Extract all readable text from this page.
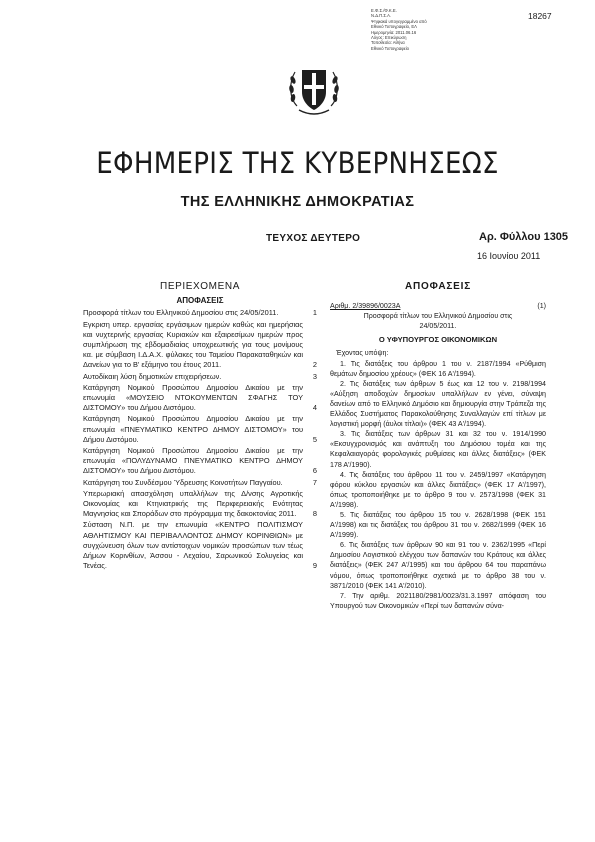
Ε.Φ.Σ./Φ.Κ.Ε.
Ν.Δ.Π.Σ.Α.
Ψηφιακά υπογεγραμμένο από
Εθνικό Τυπογραφείο, ΕΛ
Ημερομηνία: 2011.06.16
Λόγος: Επικύρωση
Τοποθεσία: Αθήνα
Εθνικό Τυπογραφείο
18267
ΕΦΗΜΕΡΙΣ ΤΗΣ ΚΥΒΕΡΝΗΣΕΩΣ
ΤΗΣ ΕΛΛΗΝΙΚΗΣ ΔΗΜΟΚΡΑΤΙΑΣ
ΤΕΥΧΟΣ ΔΕΥΤΕΡΟ	Αρ. Φύλλου 1305
16 Ιουνίου 2011
ΠΕΡΙΕΧΟΜΕΝΑ
ΑΠΟΦΑΣΕΙΣ
Προσφορά τίτλων του Ελληνικού Δημοσίου στις 24/05/2011.	1
Εγκριση υπερ. εργασίας εργάσιμων ημερών καθώς και ημερήσιας και νυχτερινής εργασίας Κυριακών και εξαιρεσίμων ημερών προς συμπλήρωση της εβδομαδιαίας υποχρεωτικής για τους μονίμους κα. με σύμβαση Ι.Δ.Α.Χ. φύλακες του Ταμείου Παρακαταθηκών και Δανείων για το Β' εξάμηνο του έτους 2011.	2
Αυτοδίκαιη λύση δημοτικών επιχειρήσεων.	3
Κατάργηση Νομικού Προσώπου Δημοσίου Δικαίου με την επωνυμία «ΜΟΥΣΕΙΟ ΝΤΟΚΟΥΜΕΝΤΩΝ ΣΦΑΓΗΣ ΤΟΥ ΔΙΣΤΟΜΟΥ» του Δήμου Διστόμου.	4
Κατάργηση Νομικού Προσώπου Δημοσίου Δικαίου με την επωνυμία «ΠΝΕΥΜΑΤΙΚΟ ΚΕΝΤΡΟ ΔΗΜΟΥ ΔΙΣΤΟΜΟΥ» του Δήμου Διστόμου.	5
Κατάργηση Νομικού Προσώπου Δημοσίου Δικαίου με την επωνυμία «ΠΟΛΥΔΥΝΑΜΟ ΠΝΕΥΜΑΤΙΚΟ ΚΕΝΤΡΟ ΔΗΜΟΥ ΔΙΣΤΟΜΟΥ» του Δήμου Διστόμου.	6
Κατάργηση του Συνδέσμου Ύδρευσης Κοινοτήτων Παγγαίου.	7
Υπερωριακή απασχόληση υπαλλήλων της Δ/νσης Αγροτικής Οικονομίας και Κτηνιατρικής της Περιφερειακής Ενότητας Μαγνησίας και Σποράδων στο πρόγραμμα της δακοκτονίας 2011.	8
Σύσταση Ν.Π. με την επωνυμία «ΚΕΝΤΡΟ ΠΟΛΙΤΙΣΜΟΥ ΑΘΛΗΤΙΣΜΟΥ ΚΑΙ ΠΕΡΙΒΑΛΛΟΝΤΟΣ ΔΗΜΟΥ ΚΟΡΙΝΘΙΩΝ» με συγχώνευση όλων των αντίστοιχων νομικών προσώπων των τέως Δήμων Κορινθίων, Άσσου - Λεχαίου, Σαρωνικού Σολυγείας και Τενέας.	9
ΑΠΟΦΑΣΕΙΣ
Αριθμ. 2/39896/0023Α	(1)
Προσφορά τίτλων του Ελληνικού Δημοσίου στις 24/05/2011.
Ο ΥΦΥΠΟΥΡΓΟΣ ΟΙΚΟΝΟΜΙΚΩΝ
Έχοντας υπόψη:
1. Τις διατάξεις του άρθρου 1 του ν. 2187/1994 «Ρύθμιση θεμάτων δημοσίου χρέους» (ΦΕΚ 16 Α'/1994).
2. Τις διατάξεις των άρθρων 5 έως και 12 του ν. 2198/1994 «Αύξηση αποδοχών δημοσίων υπαλλήλων εν γένει, σύναψη δανείων από το Ελληνικό Δημόσιο και δημιουργία στην Τράπεζα της Ελλάδος Συστήματος Παρακολούθησης Συναλλαγών επί τίτλων με λογιστική μορφή (άυλοι τίτλοι)» (ΦΕΚ 43 Α'/1994).
3. Τις διατάξεις των άρθρων 31 και 32 του ν. 1914/1990 «Εκσυγχρονισμός και ανάπτυξη του Δημόσιου τομέα και της Κεφαλαιαγοράς φορολογικές ρυθμίσεις και άλλες διατάξεις» (ΦΕΚ 178 Α'/1990).
4. Τις διατάξεις του άρθρου 11 του ν. 2459/1997 «Κατάργηση φόρου κύκλου εργασιών και άλλες διατάξεις» (ΦΕΚ 17 Α'/1997), όπως τροποποιήθηκε με το άρθρο 9 του ν. 2573/1998 (ΦΕΚ 31 Α'/1998).
5. Τις διατάξεις του άρθρου 15 του ν. 2628/1998 (ΦΕΚ 151 Α'/1998) και τις διατάξεις του άρθρου 31 του ν. 2682/1999 (ΦΕΚ 16 Α'/1999).
6. Τις διατάξεις των άρθρων 90 και 91 του ν. 2362/1995 «Περί Δημοσίου Λογιστικού ελέγχου των δαπανών του Κράτους και άλλες διατάξεις» (ΦΕΚ 247 Α'/1995) και του άρθρου 64 του παραπάνω νόμου, όπως τροποποιήθηκε σχετικά με το άρθρο 38 του ν. 3871/2010 (ΦΕΚ 141 Α'/2010).
7. Την αριθμ. 2021180/2981/0023/31.3.1997 απόφαση του Υπουργού των Οικονομικών «Περί των δαπανών σύνα-
